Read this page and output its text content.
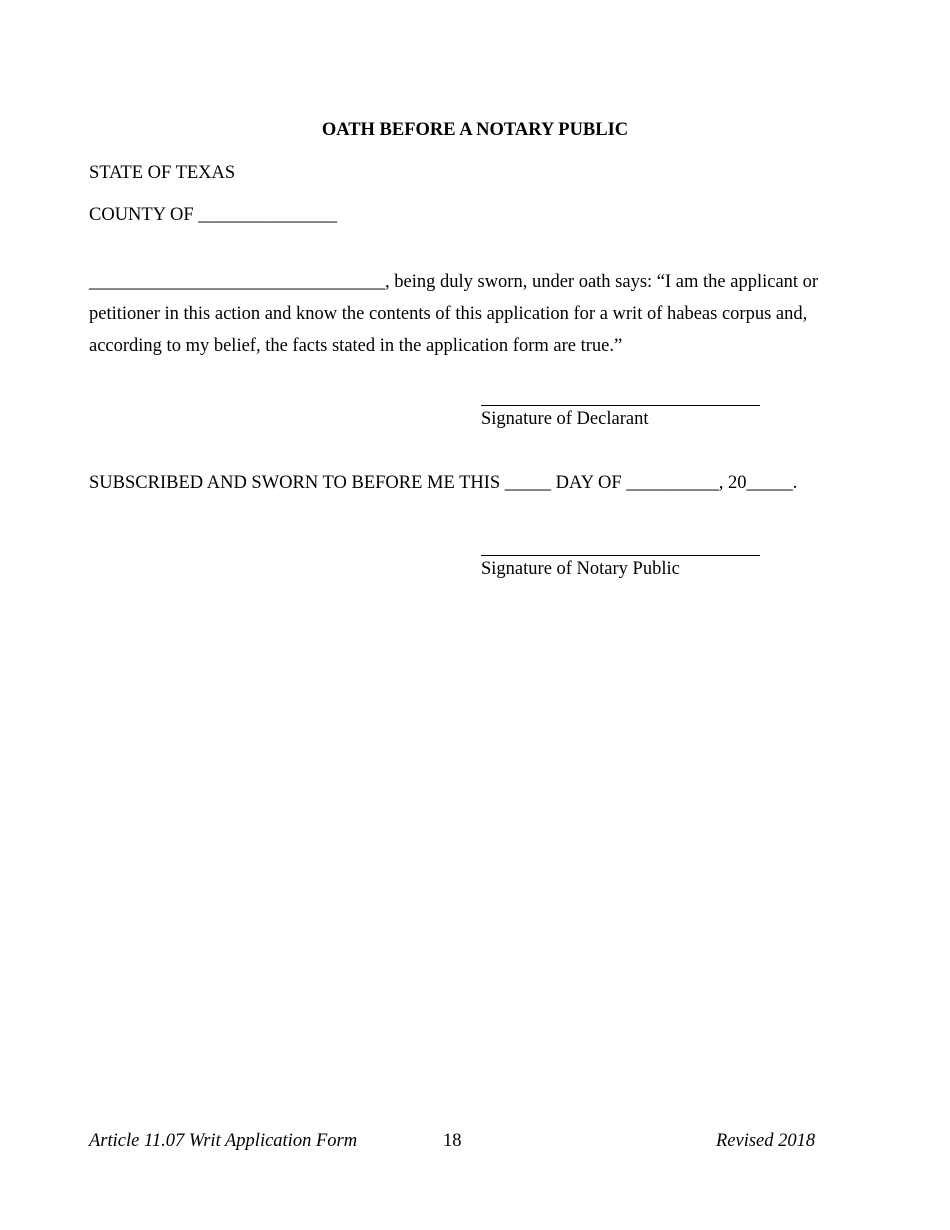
OATH BEFORE A NOTARY PUBLIC
STATE OF TEXAS
COUNTY OF _______________
________________________________, being duly sworn, under oath says: “I am the applicant or
petitioner in this action and know the contents of this application for a writ of habeas corpus and,
according to my belief, the facts stated in the application form are true.”
Signature of Declarant
SUBSCRIBED AND SWORN TO BEFORE ME THIS _____ DAY OF __________, 20_____.
Signature of Notary Public
Article 11.07 Writ Application Form	18	Revised 2018
